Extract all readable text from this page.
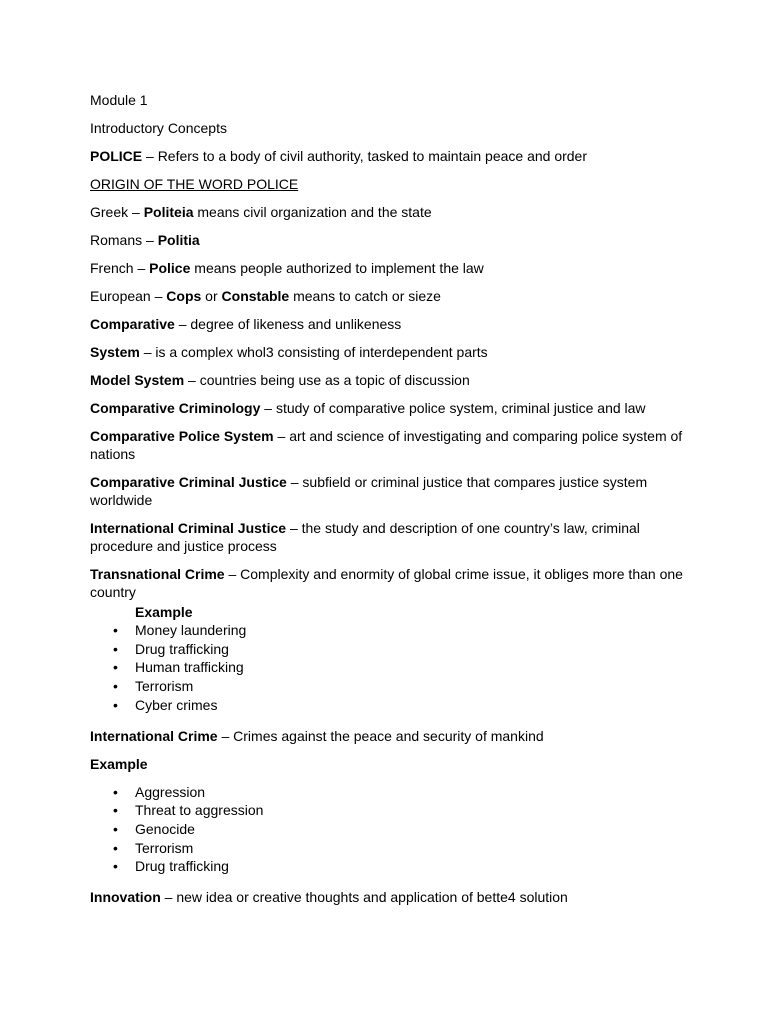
Module 1

Introductory Concepts

POLICE – Refers to a body of civil authority, tasked to maintain peace and order

ORIGIN OF THE WORD POLICE

Greek – Politeia means civil organization and the state

Romans – Politia

French – Police means people authorized to implement the law

European – Cops or Constable means to catch or sieze

Comparative – degree of likeness and unlikeness

System – is a complex whol3 consisting of interdependent parts

Model System – countries being use as a topic of discussion

Comparative Criminology – study of comparative police system, criminal justice and law

Comparative Police System – art and science of investigating and comparing police system of nations

Comparative Criminal Justice – subfield or criminal justice that compares justice system worldwide

International Criminal Justice – the study and description of one country’s law, criminal procedure and justice process

Transnational Crime – Complexity and enormity of global crime issue, it obliges more than one country

Example

• Money laundering
• Drug trafficking
• Human trafficking
• Terrorism
• Cyber crimes

International Crime – Crimes against the peace and security of mankind

Example

• Aggression
• Threat to aggression
• Genocide
• Terrorism
• Drug trafficking

Innovation – new idea or creative thoughts and application of bette4 solution
